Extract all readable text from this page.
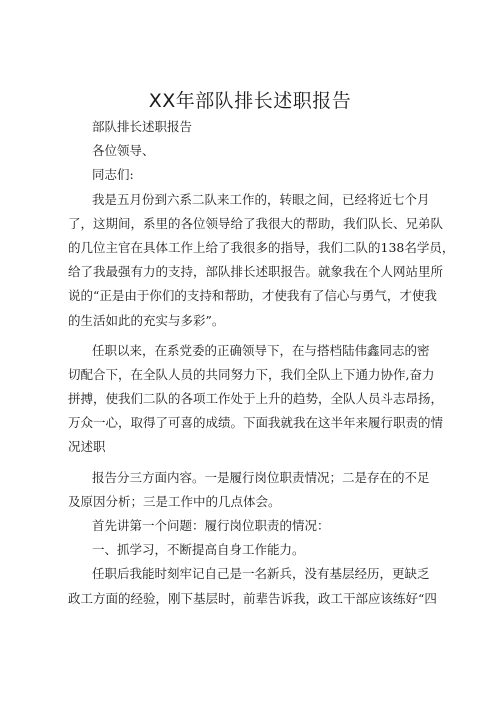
XX年部队排长述职报告
部队排长述职报告
各位领导、
同志们:
我是五月份到六系二队来工作的，转眼之间，已经将近七个月
了，这期间，系里的各位领导给了我很大的帮助，我们队长、兄弟队
的几位主官在具体工作上给了我很多的指导，我们二队的138名学员，
给了我最强有力的支持，部队排长述职报告。就象我在个人网站里所
说的“正是由于你们的支持和帮助，才使我有了信心与勇气，才使我
的生活如此的充实与多彩”。
任职以来，在系党委的正确领导下，在与搭档陆伟鑫同志的密
切配合下，在全队人员的共同努力下，我们全队上下通力协作,奋力
拼搏，使我们二队的各项工作处于上升的趋势，全队人员斗志昂扬，
万众一心，取得了可喜的成绩。下面我就我在这半年来履行职责的情
况述职
报告分三方面内容。一是履行岗位职责情况；二是存在的不足
及原因分析；三是工作中的几点体会。
首先讲第一个问题：履行岗位职责的情况：
一、抓学习，不断提高自身工作能力。
任职后我能时刻牢记自己是一名新兵，没有基层经历，更缺乏
政工方面的经验，刚下基层时，前辈告诉我，政工干部应该练好“四
